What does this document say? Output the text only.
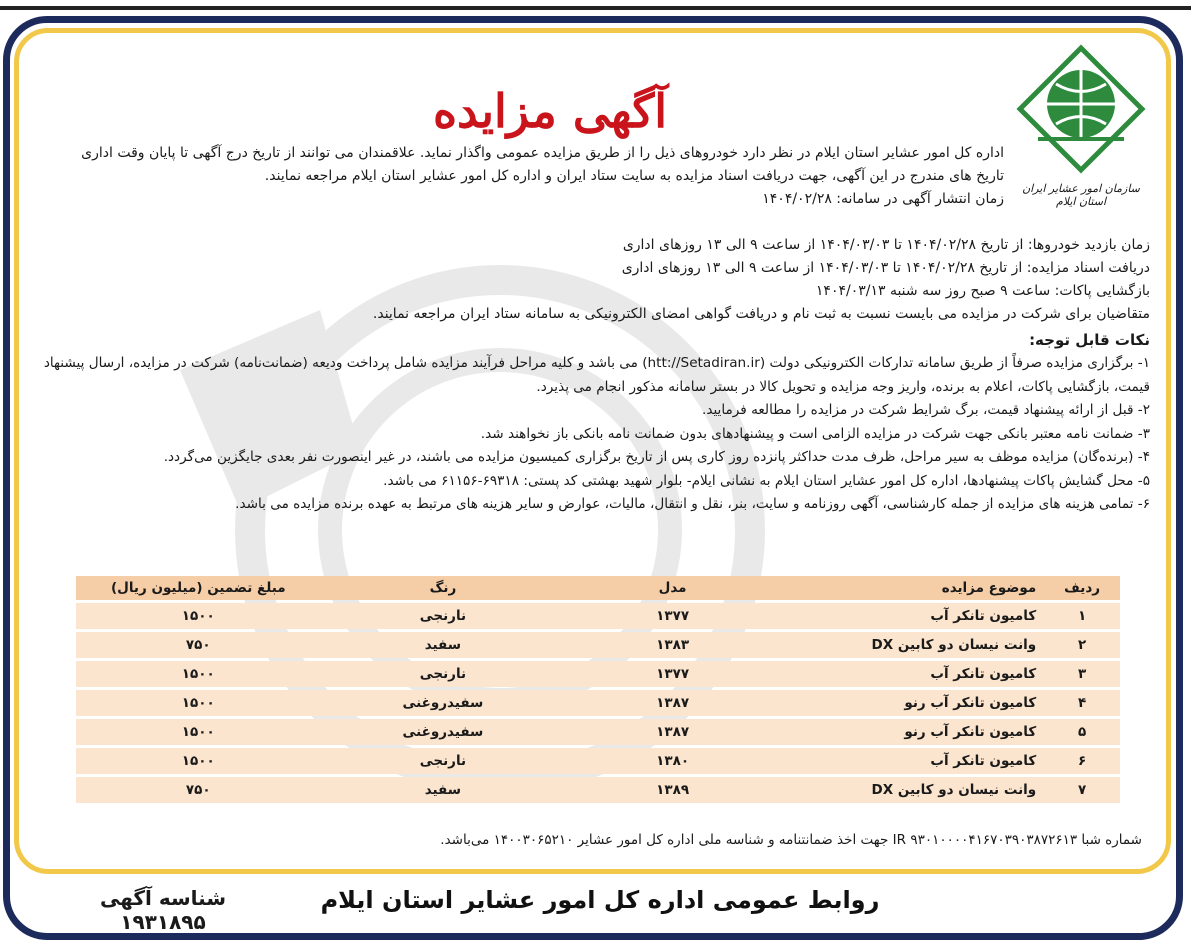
سازمان امور عشایر ایران
استان ایلام
آگهی مزایده

اداره کل امور عشایر استان ایلام در نظر دارد خودروهای ذیل را از طریق مزایده عمومی واگذار نماید. علاقمندان می توانند از تاریخ درج آگهی تا پایان وقت اداری تاریخ های مندرج در این آگهی، جهت دریافت اسناد مزایده به سایت ستاد ایران و اداره کل امور عشایر استان ایلام مراجعه نمایند.

زمان انتشار آگهی در سامانه: ۱۴۰۴/۰۲/۲۸

زمان بازدید خودروها: از تاریخ ۱۴۰۴/۰۲/۲۸ تا ۱۴۰۴/۰۳/۰۳ از ساعت ۹ الی ۱۳ روزهای اداری

دریافت اسناد مزایده: از تاریخ ۱۴۰۴/۰۲/۲۸ تا ۱۴۰۴/۰۳/۰۳ از ساعت ۹ الی ۱۳ روزهای اداری

بازگشایی پاکات: ساعت ۹ صبح روز سه شنبه ۱۴۰۴/۰۳/۱۳

متقاضیان برای شرکت در مزایده می بایست نسبت به ثبت نام و دریافت گواهی امضای الکترونیکی به سامانه ستاد ایران مراجعه نمایند.

نکات قابل توجه:

۱- برگزاری مزایده صرفاً از طریق سامانه تدارکات الکترونیکی دولت (htt://Setadiran.ir) می باشد و کلیه مراحل فرآیند مزایده شامل پرداخت ودیعه (ضمانت‌نامه) شرکت در مزایده، ارسال پیشنهاد قیمت، بازگشایی پاکات، اعلام به برنده، واریز وجه مزایده و تحویل کالا در بستر سامانه مذکور انجام می پذیرد.

۲- قبل از ارائه پیشنهاد قیمت، برگ شرایط شرکت در مزایده را مطالعه فرمایید.

۳- ضمانت نامه معتبر بانکی جهت شرکت در مزایده الزامی است و پیشنهادهای بدون ضمانت نامه بانکی باز نخواهند شد.

۴- (برنده‌گان) مزایده موظف به سیر مراحل، ظرف مدت حداکثر پانزده روز کاری پس از تاریخ برگزاری کمیسیون مزایده می باشند، در غیر اینصورت نفر بعدی جایگزین می‌گردد.

۵- محل گشایش پاکات پیشنهادها، اداره کل امور عشایر استان ایلام به نشانی ایلام- بلوار شهید بهشتی کد پستی: ۶۹۳۱۸-۶۱۱۵۶ می باشد.

۶- تمامی هزینه های مزایده از جمله کارشناسی، آگهی روزنامه و سایت، بنر، نقل و انتقال، مالیات، عوارض و سایر هزینه های مرتبط به عهده برنده مزایده می باشد.

ردیف	موضوع مزایده	مدل	رنگ	مبلغ تضمین (میلیون ریال)
۱	کامیون تانکر آب	۱۳۷۷	نارنجی	۱۵۰۰
۲	وانت نیسان دو کابین DX	۱۳۸۳	سفید	۷۵۰
۳	کامیون تانکر آب	۱۳۷۷	نارنجی	۱۵۰۰
۴	کامیون تانکر آب رنو	۱۳۸۷	سفیدروغنی	۱۵۰۰
۵	کامیون تانکر آب رنو	۱۳۸۷	سفیدروغنی	۱۵۰۰
۶	کامیون تانکر آب	۱۳۸۰	نارنجی	۱۵۰۰
۷	وانت نیسان دو کابین DX	۱۳۸۹	سفید	۷۵۰
شماره شبا ۹۳۰۱۰۰۰۰۴۱۶۷۰۳۹۰۳۸۷۲۶۱۳ IR جهت اخذ ضمانتنامه و شناسه ملی اداره کل امور عشایر ۱۴۰۰۳۰۶۵۲۱۰ می‌باشد.
روابط عمومی اداره کل امور عشایر استان ایلام
شناسه آگهی ۱۹۳۱۸۹۵
